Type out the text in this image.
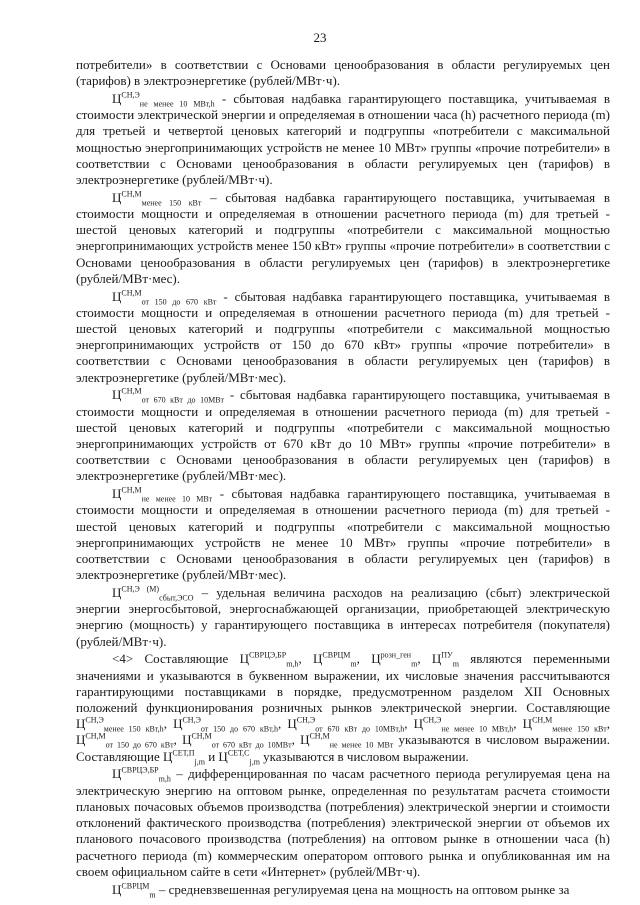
23

потребители» в соответствии с Основами ценообразования в области регулируемых цен (тарифов) в электроэнергетике (рублей/МВт·ч).

$Ц^{СН,Э}_{не менее 10 МВт,h}$ - сбытовая надбавка гарантирующего поставщика, учитываемая в стоимости электрической энергии и определяемая в отношении часа (h) расчетного периода (m) для третьей и четвертой ценовых категорий и подгруппы «потребители с максимальной мощностью энергопринимающих устройств не менее 10 МВт» группы «прочие потребители» в соответствии с Основами ценообразования в области регулируемых цен (тарифов) в электроэнергетике (рублей/МВт·ч).

$Ц^{СН,М}_{менее 150 кВт}$ – сбытовая надбавка гарантирующего поставщика, учитываемая в стоимости мощности и определяемая в отношении расчетного периода (m) для третьей - шестой ценовых категорий и подгруппы «потребители с максимальной мощностью энергопринимающих устройств менее 150 кВт» группы «прочие потребители» в соответствии с Основами ценообразования в области регулируемых цен (тарифов) в электроэнергетике (рублей/МВт·мес).

$Ц^{СН,М}_{от 150 до 670 кВт}$ - сбытовая надбавка гарантирующего поставщика, учитываемая в стоимости мощности и определяемая в отношении расчетного периода (m) для третьей - шестой ценовых категорий и подгруппы «потребители с максимальной мощностью энергопринимающих устройств от 150 до 670 кВт» группы «прочие потребители» в соответствии с Основами ценообразования в области регулируемых цен (тарифов) в электроэнергетике (рублей/МВт·мес).

$Ц^{СН,М}_{от 670 кВт до 10МВт}$ - сбытовая надбавка гарантирующего поставщика, учитываемая в стоимости мощности и определяемая в отношении расчетного периода (m) для третьей - шестой ценовых категорий и подгруппы «потребители с максимальной мощностью энергопринимающих устройств от 670 кВт до 10 МВт» группы «прочие потребители» в соответствии с Основами ценообразования в области регулируемых цен (тарифов) в электроэнергетике (рублей/МВт·мес).

$Ц^{СН,М}_{не менее 10 МВт}$ - сбытовая надбавка гарантирующего поставщика, учитываемая в стоимости мощности и определяемая в отношении расчетного периода (m) для третьей - шестой ценовых категорий и подгруппы «потребители с максимальной мощностью энергопринимающих устройств не менее 10 МВт» группы «прочие потребители» в соответствии с Основами ценообразования в области регулируемых цен (тарифов) в электроэнергетике (рублей/МВт·мес).

$Ц^{СН,Э (М)}_{сбыт,ЭСО}$ – удельная величина расходов на реализацию (сбыт) электрической энергии энергосбытовой, энергоснабжающей организации, приобретающей электрическую энергию (мощность) у гарантирующего поставщика в интересах потребителя (покупателя) (рублей/МВт·ч).

<4> Составляющие $Ц^{СВРЦЭ,БР}_{m,h}$, $Ц^{СВРЦМ}_m$, $Ц^{розн\_ген}_m$, $Ц^{ПУ}_m$ являются переменными значениями и указываются в буквенном выражении, их числовые значения рассчитываются гарантирующими поставщиками в порядке, предусмотренном разделом XII Основных положений функционирования розничных рынков электрической энергии. Составляющие $Ц^{СН,Э}_{менее 150 кВт,h}$, $Ц^{СН,Э}_{от 150 до 670 кВт,h}$, $Ц^{СН,Э}_{от 670 кВт до 10МВт,h}$, $Ц^{СН,Э}_{не менее 10 МВт,h}$, $Ц^{СН,М}_{менее 150 кВт}$, $Ц^{СН,М}_{от 150 до 670 кВт}$, $Ц^{СН,М}_{от 670 кВт до 10МВт}$, $Ц^{СН,М}_{не менее 10 МВт}$ указываются в числовом выражении. Составляющие $Ц^{СЕТ,П}_{j,m}$ и $Ц^{СЕТ,С}_{j,m}$ указываются в числовом выражении.

$Ц^{СВРЦЭ,БР}_{m,h}$ – дифференцированная по часам расчетного периода регулируемая цена на электрическую энергию на оптовом рынке, определенная по результатам расчета стоимости плановых почасовых объемов производства (потребления) электрической энергии и стоимости отклонений фактического производства (потребления) электрической энергии от объемов их планового почасового производства (потребления) на оптовом рынке в отношении часа (h) расчетного периода (m) коммерческим оператором оптового рынка и опубликованная им на своем официальном сайте в сети «Интернет» (рублей/МВт·ч).

$Ц^{СВРЦМ}_m$ – средневзвешенная регулируемая цена на мощность на оптовом рынке за
